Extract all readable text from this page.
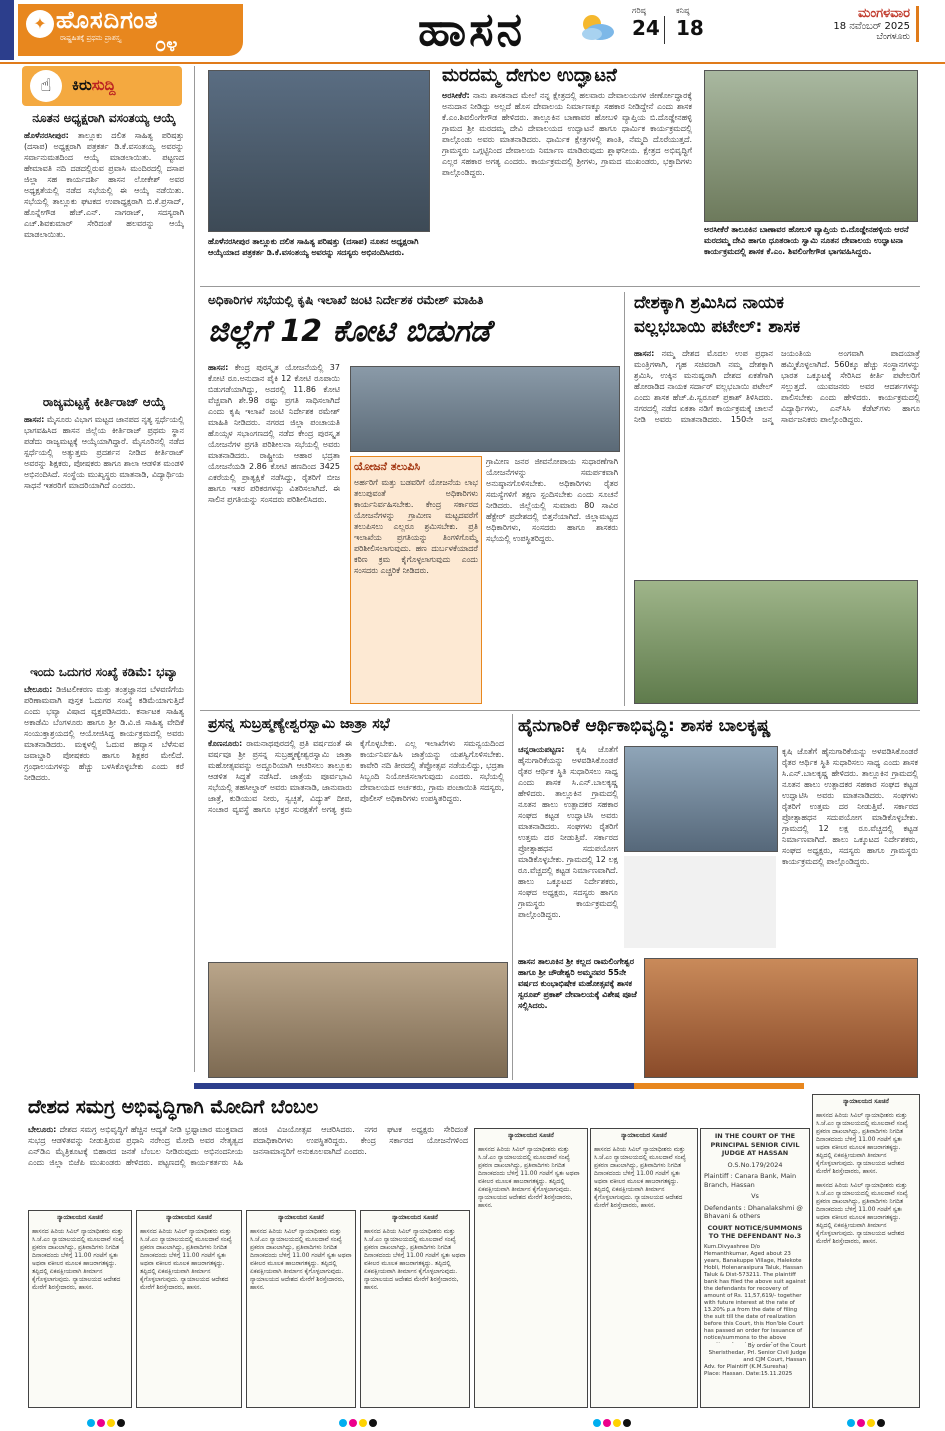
✦ ಹೊಸದಿಗಂತ
ರಾಷ್ಟ್ರಹಿತಕ್ಕೆ ಪ್ರಥಮ ಪ್ರಾಶಸ್ತ್ಯ ೦೪	ಹಾಸನ	ಗರಿಷ್ಠ
24
ಕನಿಷ್ಠ
18
ಮಂಗಳವಾರ
18 ನವೆಂಬರ್ 2025
ಬೆಂಗಳೂರು
☝	ಕಿರುಸುದ್ದಿ
ನೂತನ ಅಧ್ಯಕ್ಷರಾಗಿ ವಸಂತಯ್ಯ ಆಯ್ಕೆ
ಹೊಳೆನರಸೀಪುರ: ತಾಲ್ಲೂಕು ದಲಿತ ಸಾಹಿತ್ಯ ಪರಿಷತ್ತು (ದಸಾಪ) ಅಧ್ಯಕ್ಷರಾಗಿ ಪತ್ರಕರ್ತ ಡಿ.ಕೆ.ವಸಂತಯ್ಯ ಅವರನ್ನು ಸರ್ವಾನುಮತದಿಂದ ಆಯ್ಕೆ ಮಾಡಲಾಯಿತು. ಪಟ್ಟಣದ ಹೇಮಾವತಿ ನದಿ ದಡದಲ್ಲಿರುವ ಪ್ರವಾಸಿ ಮಂದಿರದಲ್ಲಿ ದಸಾಪ ಜಿಲ್ಲಾ ಸಹ ಕಾರ್ಯದರ್ಶಿ ಹಾಸನ ಲೋಕೇಶ್ ಅವರ ಅಧ್ಯಕ್ಷತೆಯಲ್ಲಿ ನಡೆದ ಸಭೆಯಲ್ಲಿ ಈ ಆಯ್ಕೆ ನಡೆಯಿತು. ಸಭೆಯಲ್ಲಿ ತಾಲ್ಲೂಕು ಘಟಕದ ಉಪಾಧ್ಯಕ್ಷರಾಗಿ ಬಿ.ಕೆ.ಪ್ರಸಾದ್, ಹೊನ್ನೇಗೌಡ ಹೆಚ್.ಎನ್. ನಾಗರಾಜ್, ಸದಸ್ಯರಾಗಿ ಎಚ್.ಶಿವಕುಮಾರ್ ಸೇರಿದಂತೆ ಹಲವರನ್ನು ಆಯ್ಕೆ ಮಾಡಲಾಯಿತು.
ರಾಜ್ಯಮಟ್ಟಕ್ಕೆ ಕೀರ್ತಿರಾಜ್ ಆಯ್ಕೆ
ಹಾಸನ: ಮೈಸೂರು ವಿಭಾಗ ಮಟ್ಟದ ಜಾನಪದ ನೃತ್ಯ ಸ್ಪರ್ಧೆಯಲ್ಲಿ ಭಾಗವಹಿಸಿದ ಹಾಸನ ಜಿಲ್ಲೆಯ ಕೀರ್ತಿರಾಜ್ ಪ್ರಥಮ ಸ್ಥಾನ ಪಡೆದು ರಾಜ್ಯಮಟ್ಟಕ್ಕೆ ಆಯ್ಕೆಯಾಗಿದ್ದಾರೆ. ಮೈಸೂರಿನಲ್ಲಿ ನಡೆದ ಸ್ಪರ್ಧೆಯಲ್ಲಿ ಅತ್ಯುತ್ತಮ ಪ್ರದರ್ಶನ ನೀಡಿದ ಕೀರ್ತಿರಾಜ್ ಅವರನ್ನು ಶಿಕ್ಷಕರು, ಪೋಷಕರು ಹಾಗೂ ಶಾಲಾ ಆಡಳಿತ ಮಂಡಳಿ ಅಭಿನಂದಿಸಿದೆ. ಸಂಸ್ಥೆಯ ಮುಖ್ಯಸ್ಥರು ಮಾತನಾಡಿ, ವಿದ್ಯಾರ್ಥಿಯ ಸಾಧನೆ ಇತರರಿಗೆ ಮಾದರಿಯಾಗಿದೆ ಎಂದರು.
ಇಂದು ಒದುಗರ ಸಂಖ್ಯೆ ಕಡಿಮೆ: ಭವ್ಯಾ
ಬೇಲೂರು: ಡಿಜಿಟಲೀಕರಣ ಮತ್ತು ತಂತ್ರಜ್ಞಾನದ ಬೆಳವಣಿಗೆಯ ಪರಿಣಾಮವಾಗಿ ಪುಸ್ತಕ ಓದುಗರ ಸಂಖ್ಯೆ ಕಡಿಮೆಯಾಗುತ್ತಿದೆ ಎಂದು ಭವ್ಯಾ ವಿಷಾದ ವ್ಯಕ್ತಪಡಿಸಿದರು. ಕರ್ನಾಟಕ ಸಾಹಿತ್ಯ ಅಕಾಡೆಮಿ ಬೆಂಗಳೂರು ಹಾಗೂ ಶ್ರೀ ಡಿ.ವಿ.ಜಿ ಸಾಹಿತ್ಯ ವೇದಿಕೆ ಸಂಯುಕ್ತಾಶ್ರಯದಲ್ಲಿ ಆಯೋಜಿಸಿದ್ದ ಕಾರ್ಯಕ್ರಮದಲ್ಲಿ ಅವರು ಮಾತನಾಡಿದರು. ಮಕ್ಕಳಲ್ಲಿ ಓದುವ ಹವ್ಯಾಸ ಬೆಳೆಸುವ ಜವಾಬ್ದಾರಿ ಪೋಷಕರು ಹಾಗೂ ಶಿಕ್ಷಕರ ಮೇಲಿದೆ. ಗ್ರಂಥಾಲಯಗಳನ್ನು ಹೆಚ್ಚು ಬಳಸಿಕೊಳ್ಳಬೇಕು ಎಂದು ಕರೆ ನೀಡಿದರು.
ಹೊಳೆನರಸೀಪುರ ತಾಲ್ಲೂಕು ದಲಿತ ಸಾಹಿತ್ಯ ಪರಿಷತ್ತು (ದಸಾಪ) ನೂತನ ಅಧ್ಯಕ್ಷರಾಗಿ ಆಯ್ಕೆಯಾದ ಪತ್ರಕರ್ತ ಡಿ.ಕೆ.ವಸಂತಯ್ಯ ಅವರನ್ನು ಸದಸ್ಯರು ಅಭಿನಂದಿಸಿದರು.
ಮರದಮ್ಮ ದೇಗುಲ ಉದ್ಘಾಟನೆ
ಅರಸೀಕೆರೆ: ನಾನು ಶಾಸಕನಾದ ಮೇಲೆ ನನ್ನ ಕ್ಷೇತ್ರದಲ್ಲಿ ಹಲವಾರು ದೇವಾಲಯಗಳ ಜೀರ್ಣೋದ್ಧಾರಕ್ಕೆ ಅನುದಾನ ನೀಡಿದ್ದು ಅಲ್ಲದೆ ಹೊಸ ದೇವಾಲಯ ನಿರ್ಮಾಣಕ್ಕೂ ಸಹಕಾರ ನೀಡಿದ್ದೇನೆ ಎಂದು ಶಾಸಕ ಕೆ.ಎಂ.ಶಿವಲಿಂಗೇಗೌಡ ಹೇಳಿದರು. ತಾಲ್ಲೂಕಿನ ಬಾಣಾವರ ಹೋಬಳಿ ವ್ಯಾಪ್ತಿಯ ಬಿ.ದೊಡ್ಡೇನಹಳ್ಳಿ ಗ್ರಾಮದ ಶ್ರೀ ಮರದಮ್ಮ ದೇವಿ ದೇವಾಲಯದ ಉದ್ಘಾಟನೆ ಹಾಗೂ ಧಾರ್ಮಿಕ ಕಾರ್ಯಕ್ರಮದಲ್ಲಿ ಪಾಲ್ಗೊಂಡು ಅವರು ಮಾತನಾಡಿದರು. ಧಾರ್ಮಿಕ ಕ್ಷೇತ್ರಗಳಲ್ಲಿ ಶಾಂತಿ, ನೆಮ್ಮದಿ ದೊರೆಯುತ್ತದೆ. ಗ್ರಾಮಸ್ಥರು ಒಗ್ಗಟ್ಟಿನಿಂದ ದೇವಾಲಯ ನಿರ್ಮಾಣ ಮಾಡಿರುವುದು ಶ್ಲಾಘನೀಯ. ಕ್ಷೇತ್ರದ ಅಭಿವೃದ್ಧಿಗೆ ಎಲ್ಲರ ಸಹಕಾರ ಅಗತ್ಯ ಎಂದರು. ಕಾರ್ಯಕ್ರಮದಲ್ಲಿ ಶ್ರೀಗಳು, ಗ್ರಾಮದ ಮುಖಂಡರು, ಭಕ್ತಾದಿಗಳು ಪಾಲ್ಗೊಂಡಿದ್ದರು.
ಅರಸೀಕೆರೆ ತಾಲೂಕಿನ ಬಾಣಾವರ ಹೋಬಳಿ ವ್ಯಾಪ್ತಿಯ ಬಿ.ದೊಡ್ಡೇನಹಳ್ಳಿಯ ಆರನೆ ಮರದಮ್ಮ ದೇವಿ ಹಾಗೂ ಧೂತರಾಯ ಸ್ವಾಮಿ ನೂತನ ದೇವಾಲಯ ಉದ್ಘಾಟನಾ ಕಾರ್ಯಕ್ರಮದಲ್ಲಿ ಶಾಸಕ ಕೆ.ಎಂ. ಶಿವಲಿಂಗೇಗೌಡ ಭಾಗವಹಿಸಿದ್ದರು.
ಅಧಿಕಾರಿಗಳ ಸಭೆಯಲ್ಲಿ ಕೃಷಿ ಇಲಾಖೆ ಜಂಟಿ ನಿರ್ದೇಶಕ ರಮೇಶ್ ಮಾಹಿತಿ
ಜಿಲ್ಲೆಗೆ 12 ಕೋಟಿ ಬಿಡುಗಡೆ
ಹಾಸನ: ಕೇಂದ್ರ ಪುರಸ್ಕೃತ ಯೋಜನೆಯಲ್ಲಿ 37 ಕೋಟಿ ರೂ.ಅನುದಾನ ಪೈಕಿ 12 ಕೋಟಿ ರೂಪಾಯಿ ಬಿಡುಗಡೆಯಾಗಿದ್ದು, ಅದರಲ್ಲಿ 11.86 ಕೋಟಿ ವೆಚ್ಚವಾಗಿ ಶೇ.98 ರಷ್ಟು ಪ್ರಗತಿ ಸಾಧಿಸಲಾಗಿದೆ ಎಂದು ಕೃಷಿ ಇಲಾಖೆ ಜಂಟಿ ನಿರ್ದೇಶಕ ರಮೇಶ್ ಮಾಹಿತಿ ನೀಡಿದರು. ನಗರದ ಜಿಲ್ಲಾ ಪಂಚಾಯತಿ ಹೊಯ್ಸಳ ಸಭಾಂಗಣದಲ್ಲಿ ನಡೆದ ಕೇಂದ್ರ ಪುರಸ್ಕೃತ ಯೋಜನೆಗಳ ಪ್ರಗತಿ ಪರಿಶೀಲನಾ ಸಭೆಯಲ್ಲಿ ಅವರು ಮಾತನಾಡಿದರು. ರಾಷ್ಟ್ರೀಯ ಆಹಾರ ಭದ್ರತಾ ಯೋಜನೆಯಡಿ 2.86 ಕೋಟಿ ಹಣದಿಂದ 3425 ಎಕರೆಯಲ್ಲಿ ಪ್ರಾತ್ಯಕ್ಷಿಕೆ ನಡೆಸಿದ್ದು, ರೈತರಿಗೆ ಬೀಜ ಹಾಗೂ ಇತರ ಪರಿಕರಗಳನ್ನು ವಿತರಿಸಲಾಗಿದೆ. ಈ ಸಾಲಿನ ಪ್ರಗತಿಯನ್ನು ಸಂಸದರು ಪರಿಶೀಲಿಸಿದರು.
ಯೋಜನೆ ತಲುಪಿಸಿ
ಅರ್ಹರಿಗೆ ಮತ್ತು ಬಡವರಿಗೆ ಯೋಜನೆಯ ಲಾಭ ತಲುಪುವಂತೆ ಅಧಿಕಾರಿಗಳು ಕಾರ್ಯನಿರ್ವಹಿಸಬೇಕು. ಕೇಂದ್ರ ಸರ್ಕಾರದ ಯೋಜನೆಗಳನ್ನು ಗ್ರಾಮೀಣ ಮಟ್ಟದವರೆಗೆ ತಲುಪಿಸಲು ಎಲ್ಲರೂ ಶ್ರಮಿಸಬೇಕು. ಪ್ರತಿ ಇಲಾಖೆಯ ಪ್ರಗತಿಯನ್ನು ತಿಂಗಳಿಗೊಮ್ಮೆ ಪರಿಶೀಲಿಸಲಾಗುವುದು. ಹಣ ದುರ್ಬಳಕೆಯಾದರೆ ಕಠಿಣ ಕ್ರಮ ಕೈಗೊಳ್ಳಲಾಗುವುದು ಎಂದು ಸಂಸದರು ಎಚ್ಚರಿಕೆ ನೀಡಿದರು.
ಗ್ರಾಮೀಣ ಜನರ ಜೀವನೋಪಾಯ ಸುಧಾರಣೆಗಾಗಿ ಯೋಜನೆಗಳನ್ನು ಸಮರ್ಪಕವಾಗಿ ಅನುಷ್ಠಾನಗೊಳಿಸಬೇಕು. ಅಧಿಕಾರಿಗಳು ರೈತರ ಸಮಸ್ಯೆಗಳಿಗೆ ತಕ್ಷಣ ಸ್ಪಂದಿಸಬೇಕು ಎಂದು ಸೂಚನೆ ನೀಡಿದರು. ಜಿಲ್ಲೆಯಲ್ಲಿ ಸುಮಾರು 80 ಸಾವಿರ ಹೆಕ್ಟೇರ್ ಪ್ರದೇಶದಲ್ಲಿ ಬಿತ್ತನೆಯಾಗಿದೆ. ಜಿಲ್ಲಾಮಟ್ಟದ ಅಧಿಕಾರಿಗಳು, ಸಂಸದರು ಹಾಗೂ ಶಾಸಕರು ಸಭೆಯಲ್ಲಿ ಉಪಸ್ಥಿತರಿದ್ದರು.
ದೇಶಕ್ಕಾಗಿ ಶ್ರಮಿಸಿದ ನಾಯಕ
ವಲ್ಲಭಬಾಯಿ ಪಟೇಲ್: ಶಾಸಕ
ಹಾಸನ: ನಮ್ಮ ದೇಶದ ಮೊದಲ ಉಪ ಪ್ರಧಾನ ಮಂತ್ರಿಗಳಾಗಿ, ಗೃಹ ಸಚಿವರಾಗಿ ನಮ್ಮ ದೇಶಕ್ಕಾಗಿ ಶ್ರಮಿಸಿ, ಉಕ್ಕಿನ ಮನುಷ್ಯರಾಗಿ ದೇಶದ ಏಕತೆಗಾಗಿ ಹೋರಾಡಿದ ನಾಯಕ ಸರ್ದಾರ್ ವಲ್ಲಭಬಾಯಿ ಪಟೇಲ್ ಎಂದು ಶಾಸಕ ಹೆಚ್.ಪಿ.ಸ್ವರೂಪ್ ಪ್ರಕಾಶ್ ತಿಳಿಸಿದರು. ನಗರದಲ್ಲಿ ನಡೆದ ಏಕತಾ ನಡಿಗೆ ಕಾರ್ಯಕ್ರಮಕ್ಕೆ ಚಾಲನೆ ನೀಡಿ ಅವರು ಮಾತನಾಡಿದರು. 150ನೇ ಜನ್ಮ ಜಯಂತಿಯ ಅಂಗವಾಗಿ ಪಾದಯಾತ್ರೆ ಹಮ್ಮಿಕೊಳ್ಳಲಾಗಿದೆ. 560ಕ್ಕೂ ಹೆಚ್ಚು ಸಂಸ್ಥಾನಗಳನ್ನು ಭಾರತ ಒಕ್ಕೂಟಕ್ಕೆ ಸೇರಿಸಿದ ಕೀರ್ತಿ ಪಟೇಲರಿಗೆ ಸಲ್ಲುತ್ತದೆ. ಯುವಜನರು ಅವರ ಆದರ್ಶಗಳನ್ನು ಪಾಲಿಸಬೇಕು ಎಂದು ಹೇಳಿದರು. ಕಾರ್ಯಕ್ರಮದಲ್ಲಿ ವಿದ್ಯಾರ್ಥಿಗಳು, ಎನ್‌ಸಿಸಿ ಕೆಡೆಟ್‌ಗಳು ಹಾಗೂ ಸಾರ್ವಜನಿಕರು ಪಾಲ್ಗೊಂಡಿದ್ದರು.
ಪ್ರಸನ್ನ ಸುಬ್ರಹ್ಮಣ್ಯೇಶ್ವರಸ್ವಾಮಿ ಜಾತ್ರಾ ಸಭೆ
ಕೊಣನೂರು: ರಾಮನಾಥಪುರದಲ್ಲಿ ಪ್ರತಿ ವರ್ಷದಂತೆ ಈ ವರ್ಷವೂ ಶ್ರೀ ಪ್ರಸನ್ನ ಸುಬ್ರಹ್ಮಣ್ಯೇಶ್ವರಸ್ವಾಮಿ ಜಾತ್ರಾ ಮಹೋತ್ಸವವನ್ನು ಅದ್ದೂರಿಯಾಗಿ ಆಚರಿಸಲು ತಾಲ್ಲೂಕು ಆಡಳಿತ ಸಿದ್ಧತೆ ನಡೆಸಿದೆ. ಜಾತ್ರೆಯ ಪೂರ್ವಭಾವಿ ಸಭೆಯಲ್ಲಿ ತಹಸೀಲ್ದಾರ್ ಅವರು ಮಾತನಾಡಿ, ಜಾನುವಾರು ಜಾತ್ರೆ, ಕುಡಿಯುವ ನೀರು, ಸ್ವಚ್ಛತೆ, ವಿದ್ಯುತ್ ದೀಪ, ಸಂಚಾರ ವ್ಯವಸ್ಥೆ ಹಾಗೂ ಭಕ್ತರ ಸುರಕ್ಷತೆಗೆ ಅಗತ್ಯ ಕ್ರಮ ಕೈಗೊಳ್ಳಬೇಕು. ಎಲ್ಲ ಇಲಾಖೆಗಳು ಸಮನ್ವಯದಿಂದ ಕಾರ್ಯನಿರ್ವಹಿಸಿ ಜಾತ್ರೆಯನ್ನು ಯಶಸ್ವಿಗೊಳಿಸಬೇಕು. ಕಾವೇರಿ ನದಿ ತೀರದಲ್ಲಿ ತೆಪ್ಪೋತ್ಸವ ನಡೆಯಲಿದ್ದು, ಭದ್ರತಾ ಸಿಬ್ಬಂದಿ ನಿಯೋಜಿಸಲಾಗುವುದು ಎಂದರು. ಸಭೆಯಲ್ಲಿ ದೇವಾಲಯದ ಅರ್ಚಕರು, ಗ್ರಾಮ ಪಂಚಾಯಿತಿ ಸದಸ್ಯರು, ಪೊಲೀಸ್ ಅಧಿಕಾರಿಗಳು ಉಪಸ್ಥಿತರಿದ್ದರು.
ಹೈನುಗಾರಿಕೆ ಆರ್ಥಿಕಾಭಿವೃದ್ಧಿ: ಶಾಸಕ ಬಾಲಕೃಷ್ಣ
ಚನ್ನರಾಯಪಟ್ಟಣ: ಕೃಷಿ ಜೊತೆಗೆ ಹೈನುಗಾರಿಕೆಯನ್ನು ಅಳವಡಿಸಿಕೊಂಡರೆ ರೈತರ ಆರ್ಥಿಕ ಸ್ಥಿತಿ ಸುಧಾರಿಸಲು ಸಾಧ್ಯ ಎಂದು ಶಾಸಕ ಸಿ.ಎನ್.ಬಾಲಕೃಷ್ಣ ಹೇಳಿದರು. ತಾಲ್ಲೂಕಿನ ಗ್ರಾಮದಲ್ಲಿ ನೂತನ ಹಾಲು ಉತ್ಪಾದಕರ ಸಹಕಾರ ಸಂಘದ ಕಟ್ಟಡ ಉದ್ಘಾಟಿಸಿ ಅವರು ಮಾತನಾಡಿದರು. ಸಂಘಗಳು ರೈತರಿಗೆ ಉತ್ತಮ ದರ ನೀಡುತ್ತಿವೆ. ಸರ್ಕಾರದ ಪ್ರೋತ್ಸಾಹಧನ ಸದುಪಯೋಗ ಮಾಡಿಕೊಳ್ಳಬೇಕು. ಗ್ರಾಮದಲ್ಲಿ 12 ಲಕ್ಷ ರೂ.ವೆಚ್ಚದಲ್ಲಿ ಕಟ್ಟಡ ನಿರ್ಮಾಣವಾಗಿದೆ. ಹಾಲು ಒಕ್ಕೂಟದ ನಿರ್ದೇಶಕರು, ಸಂಘದ ಅಧ್ಯಕ್ಷರು, ಸದಸ್ಯರು ಹಾಗೂ ಗ್ರಾಮಸ್ಥರು ಕಾರ್ಯಕ್ರಮದಲ್ಲಿ ಪಾಲ್ಗೊಂಡಿದ್ದರು.
ಕೃಷಿ ಜೊತೆಗೆ ಹೈನುಗಾರಿಕೆಯನ್ನು ಅಳವಡಿಸಿಕೊಂಡರೆ ರೈತರ ಆರ್ಥಿಕ ಸ್ಥಿತಿ ಸುಧಾರಿಸಲು ಸಾಧ್ಯ ಎಂದು ಶಾಸಕ ಸಿ.ಎನ್.ಬಾಲಕೃಷ್ಣ ಹೇಳಿದರು. ತಾಲ್ಲೂಕಿನ ಗ್ರಾಮದಲ್ಲಿ ನೂತನ ಹಾಲು ಉತ್ಪಾದಕರ ಸಹಕಾರ ಸಂಘದ ಕಟ್ಟಡ ಉದ್ಘಾಟಿಸಿ ಅವರು ಮಾತನಾಡಿದರು. ಸಂಘಗಳು ರೈತರಿಗೆ ಉತ್ತಮ ದರ ನೀಡುತ್ತಿವೆ. ಸರ್ಕಾರದ ಪ್ರೋತ್ಸಾಹಧನ ಸದುಪಯೋಗ ಮಾಡಿಕೊಳ್ಳಬೇಕು. ಗ್ರಾಮದಲ್ಲಿ 12 ಲಕ್ಷ ರೂ.ವೆಚ್ಚದಲ್ಲಿ ಕಟ್ಟಡ ನಿರ್ಮಾಣವಾಗಿದೆ. ಹಾಲು ಒಕ್ಕೂಟದ ನಿರ್ದೇಶಕರು, ಸಂಘದ ಅಧ್ಯಕ್ಷರು, ಸದಸ್ಯರು ಹಾಗೂ ಗ್ರಾಮಸ್ಥರು ಕಾರ್ಯಕ್ರಮದಲ್ಲಿ ಪಾಲ್ಗೊಂಡಿದ್ದರು.
ಹಾಸನ ತಾಲೂಕಿನ ಶ್ರೀ ಕಲ್ಲದ ರಾಮಲಿಂಗೇಶ್ವರ ಹಾಗೂ ಶ್ರೀ ಚೌಡೇಶ್ವರಿ ಅಮ್ಮನವರ 55ನೇ ವರ್ಷದ ಕುಂಭಾಭಿಷೇಕ ಮಹೋತ್ಸವಕ್ಕೆ ಶಾಸಕ ಸ್ವರೂಪ್ ಪ್ರಕಾಶ್ ದೇವಾಲಯಕ್ಕೆ ವಿಶೇಷ ಪೂಜೆ ಸಲ್ಲಿಸಿದರು.
ದೇಶದ ಸಮಗ್ರ ಅಭಿವೃದ್ಧಿಗಾಗಿ ಮೋದಿಗೆ ಬೆಂಬಲ
ಬೇಲೂರು: ದೇಶದ ಸಮಗ್ರ ಅಭಿವೃದ್ಧಿಗೆ ಹೆಚ್ಚಿನ ಆದ್ಯತೆ ನೀಡಿ ಭ್ರಷ್ಟಾಚಾರ ಮುಕ್ತವಾದ ಸುಭದ್ರ ಆಡಳಿತವನ್ನು ನೀಡುತ್ತಿರುವ ಪ್ರಧಾನಿ ನರೇಂದ್ರ ಮೋದಿ ಅವರ ನೇತೃತ್ವದ ಎನ್‌ಡಿಎ ಮೈತ್ರಿಕೂಟಕ್ಕೆ ಬಿಹಾರದ ಜನತೆ ಬೆಂಬಲ ನೀಡಿರುವುದು ಅಭಿನಂದನೀಯ ಎಂದು ಜಿಲ್ಲಾ ಬಿಜೆಪಿ ಮುಖಂಡರು ಹೇಳಿದರು. ಪಟ್ಟಣದಲ್ಲಿ ಕಾರ್ಯಕರ್ತರು ಸಿಹಿ ಹಂಚಿ ವಿಜಯೋತ್ಸವ ಆಚರಿಸಿದರು. ನಗರ ಘಟಕ ಅಧ್ಯಕ್ಷರು ಸೇರಿದಂತೆ ಪದಾಧಿಕಾರಿಗಳು ಉಪಸ್ಥಿತರಿದ್ದರು. ಕೇಂದ್ರ ಸರ್ಕಾರದ ಯೋಜನೆಗಳಿಂದ ಜನಸಾಮಾನ್ಯರಿಗೆ ಅನುಕೂಲವಾಗಿದೆ ಎಂದರು.
ನ್ಯಾಯಾಲಯದ ಸೂಚನೆ
ಹಾಸನದ ಹಿರಿಯ ಸಿವಿಲ್ ನ್ಯಾಯಾಧೀಶರು ಮತ್ತು ಸಿ.ಜೆ.ಎಂ ನ್ಯಾಯಾಲಯದಲ್ಲಿ ಮೂಲದಾವೆ ಸಂಖ್ಯೆ ಪ್ರಕರಣ ದಾಖಲಾಗಿದ್ದು, ಪ್ರತಿವಾದಿಗಳು ನಿಗದಿತ ದಿನಾಂಕದಂದು ಬೆಳಿಗ್ಗೆ 11.00 ಗಂಟೆಗೆ ಸ್ವತಃ ಅಥವಾ ವಕೀಲರ ಮೂಲಕ ಹಾಜರಾಗತಕ್ಕದ್ದು. ತಪ್ಪಿದಲ್ಲಿ ಏಕಪಕ್ಷೀಯವಾಗಿ ತೀರ್ಮಾನ ಕೈಗೊಳ್ಳಲಾಗುವುದು. ನ್ಯಾಯಾಲಯದ ಆದೇಶದ ಮೇರೆಗೆ ಶಿರಸ್ತೇದಾರರು, ಹಾಸನ.
ನ್ಯಾಯಾಲಯದ ಸೂಚನೆ
ಹಾಸನದ ಹಿರಿಯ ಸಿವಿಲ್ ನ್ಯಾಯಾಧೀಶರು ಮತ್ತು ಸಿ.ಜೆ.ಎಂ ನ್ಯಾಯಾಲಯದಲ್ಲಿ ಮೂಲದಾವೆ ಸಂಖ್ಯೆ ಪ್ರಕರಣ ದಾಖಲಾಗಿದ್ದು, ಪ್ರತಿವಾದಿಗಳು ನಿಗದಿತ ದಿನಾಂಕದಂದು ಬೆಳಿಗ್ಗೆ 11.00 ಗಂಟೆಗೆ ಸ್ವತಃ ಅಥವಾ ವಕೀಲರ ಮೂಲಕ ಹಾಜರಾಗತಕ್ಕದ್ದು. ತಪ್ಪಿದಲ್ಲಿ ಏಕಪಕ್ಷೀಯವಾಗಿ ತೀರ್ಮಾನ ಕೈಗೊಳ್ಳಲಾಗುವುದು. ನ್ಯಾಯಾಲಯದ ಆದೇಶದ ಮೇರೆಗೆ ಶಿರಸ್ತೇದಾರರು, ಹಾಸನ.
ನ್ಯಾಯಾಲಯದ ಸೂಚನೆ
ಹಾಸನದ ಹಿರಿಯ ಸಿವಿಲ್ ನ್ಯಾಯಾಧೀಶರು ಮತ್ತು ಸಿ.ಜೆ.ಎಂ ನ್ಯಾಯಾಲಯದಲ್ಲಿ ಮೂಲದಾವೆ ಸಂಖ್ಯೆ ಪ್ರಕರಣ ದಾಖಲಾಗಿದ್ದು, ಪ್ರತಿವಾದಿಗಳು ನಿಗದಿತ ದಿನಾಂಕದಂದು ಬೆಳಿಗ್ಗೆ 11.00 ಗಂಟೆಗೆ ಸ್ವತಃ ಅಥವಾ ವಕೀಲರ ಮೂಲಕ ಹಾಜರಾಗತಕ್ಕದ್ದು. ತಪ್ಪಿದಲ್ಲಿ ಏಕಪಕ್ಷೀಯವಾಗಿ ತೀರ್ಮಾನ ಕೈಗೊಳ್ಳಲಾಗುವುದು. ನ್ಯಾಯಾಲಯದ ಆದೇಶದ ಮೇರೆಗೆ ಶಿರಸ್ತೇದಾರರು, ಹಾಸನ.
ನ್ಯಾಯಾಲಯದ ಸೂಚನೆ
ಹಾಸನದ ಹಿರಿಯ ಸಿವಿಲ್ ನ್ಯಾಯಾಧೀಶರು ಮತ್ತು ಸಿ.ಜೆ.ಎಂ ನ್ಯಾಯಾಲಯದಲ್ಲಿ ಮೂಲದಾವೆ ಸಂಖ್ಯೆ ಪ್ರಕರಣ ದಾಖಲಾಗಿದ್ದು, ಪ್ರತಿವಾದಿಗಳು ನಿಗದಿತ ದಿನಾಂಕದಂದು ಬೆಳಿಗ್ಗೆ 11.00 ಗಂಟೆಗೆ ಸ್ವತಃ ಅಥವಾ ವಕೀಲರ ಮೂಲಕ ಹಾಜರಾಗತಕ್ಕದ್ದು. ತಪ್ಪಿದಲ್ಲಿ ಏಕಪಕ್ಷೀಯವಾಗಿ ತೀರ್ಮಾನ ಕೈಗೊಳ್ಳಲಾಗುವುದು. ನ್ಯಾಯಾಲಯದ ಆದೇಶದ ಮೇರೆಗೆ ಶಿರಸ್ತೇದಾರರು, ಹಾಸನ.
ನ್ಯಾಯಾಲಯದ ಸೂಚನೆ
ಹಾಸನದ ಹಿರಿಯ ಸಿವಿಲ್ ನ್ಯಾಯಾಧೀಶರು ಮತ್ತು ಸಿ.ಜೆ.ಎಂ ನ್ಯಾಯಾಲಯದಲ್ಲಿ ಮೂಲದಾವೆ ಸಂಖ್ಯೆ ಪ್ರಕರಣ ದಾಖಲಾಗಿದ್ದು, ಪ್ರತಿವಾದಿಗಳು ನಿಗದಿತ ದಿನಾಂಕದಂದು ಬೆಳಿಗ್ಗೆ 11.00 ಗಂಟೆಗೆ ಸ್ವತಃ ಅಥವಾ ವಕೀಲರ ಮೂಲಕ ಹಾಜರಾಗತಕ್ಕದ್ದು. ತಪ್ಪಿದಲ್ಲಿ ಏಕಪಕ್ಷೀಯವಾಗಿ ತೀರ್ಮಾನ ಕೈಗೊಳ್ಳಲಾಗುವುದು. ನ್ಯಾಯಾಲಯದ ಆದೇಶದ ಮೇರೆಗೆ ಶಿರಸ್ತೇದಾರರು, ಹಾಸನ.
ನ್ಯಾಯಾಲಯದ ಸೂಚನೆ
ಹಾಸನದ ಹಿರಿಯ ಸಿವಿಲ್ ನ್ಯಾಯಾಧೀಶರು ಮತ್ತು ಸಿ.ಜೆ.ಎಂ ನ್ಯಾಯಾಲಯದಲ್ಲಿ ಮೂಲದಾವೆ ಸಂಖ್ಯೆ ಪ್ರಕರಣ ದಾಖಲಾಗಿದ್ದು, ಪ್ರತಿವಾದಿಗಳು ನಿಗದಿತ ದಿನಾಂಕದಂದು ಬೆಳಿಗ್ಗೆ 11.00 ಗಂಟೆಗೆ ಸ್ವತಃ ಅಥವಾ ವಕೀಲರ ಮೂಲಕ ಹಾಜರಾಗತಕ್ಕದ್ದು. ತಪ್ಪಿದಲ್ಲಿ ಏಕಪಕ್ಷೀಯವಾಗಿ ತೀರ್ಮಾನ ಕೈಗೊಳ್ಳಲಾಗುವುದು. ನ್ಯಾಯಾಲಯದ ಆದೇಶದ ಮೇರೆಗೆ ಶಿರಸ್ತೇದಾರರು, ಹಾಸನ.
IN THE COURT OF THE PRINCIPAL SENIOR CIVIL JUDGE AT HASSAN
O.S.No.179/2024
Plaintiff : Canara Bank, Main Branch, Hassan
Vs
Defendants : Dhanalakshmi @ Bhavani & others
COURT NOTICE/SUMMONS TO THE DEFENDANT No.3
Kum.Divyashree D/o Hemanthkumar, Aged about 23 years, Banakuppe Village, Halekote Hobli, Holenarasipura Taluk, Hassan Taluk & Dist-573211. The plaintiff bank has filed the above suit against the defendants for recovery of amount of Rs. 11,57,619/- together with future interest at the rate of 13.20% p.a from the date of filing the suit till the date of realization before this Court, this Hon'ble Court has passed an order for issuance of notice/summons to the above
By order of the Court
Sheristhedar, Prl. Senior Civil Judge and CJM Court, Hassan
Adv. for Plaintiff (K.M.Suresha)
Place: Hassan. Date:15.11.2025
ನ್ಯಾಯಾಲಯದ ಸೂಚನೆ
ಹಾಸನದ ಹಿರಿಯ ಸಿವಿಲ್ ನ್ಯಾಯಾಧೀಶರು ಮತ್ತು ಸಿ.ಜೆ.ಎಂ ನ್ಯಾಯಾಲಯದಲ್ಲಿ ಮೂಲದಾವೆ ಸಂಖ್ಯೆ ಪ್ರಕರಣ ದಾಖಲಾಗಿದ್ದು, ಪ್ರತಿವಾದಿಗಳು ನಿಗದಿತ ದಿನಾಂಕದಂದು ಬೆಳಿಗ್ಗೆ 11.00 ಗಂಟೆಗೆ ಸ್ವತಃ ಅಥವಾ ವಕೀಲರ ಮೂಲಕ ಹಾಜರಾಗತಕ್ಕದ್ದು. ತಪ್ಪಿದಲ್ಲಿ ಏಕಪಕ್ಷೀಯವಾಗಿ ತೀರ್ಮಾನ ಕೈಗೊಳ್ಳಲಾಗುವುದು. ನ್ಯಾಯಾಲಯದ ಆದೇಶದ ಮೇರೆಗೆ ಶಿರಸ್ತೇದಾರರು, ಹಾಸನ.
ಹಾಸನದ ಹಿರಿಯ ಸಿವಿಲ್ ನ್ಯಾಯಾಧೀಶರು ಮತ್ತು ಸಿ.ಜೆ.ಎಂ ನ್ಯಾಯಾಲಯದಲ್ಲಿ ಮೂಲದಾವೆ ಸಂಖ್ಯೆ ಪ್ರಕರಣ ದಾಖಲಾಗಿದ್ದು, ಪ್ರತಿವಾದಿಗಳು ನಿಗದಿತ ದಿನಾಂಕದಂದು ಬೆಳಿಗ್ಗೆ 11.00 ಗಂಟೆಗೆ ಸ್ವತಃ ಅಥವಾ ವಕೀಲರ ಮೂಲಕ ಹಾಜರಾಗತಕ್ಕದ್ದು. ತಪ್ಪಿದಲ್ಲಿ ಏಕಪಕ್ಷೀಯವಾಗಿ ತೀರ್ಮಾನ ಕೈಗೊಳ್ಳಲಾಗುವುದು. ನ್ಯಾಯಾಲಯದ ಆದೇಶದ ಮೇರೆಗೆ ಶಿರಸ್ತೇದಾರರು, ಹಾಸನ.
